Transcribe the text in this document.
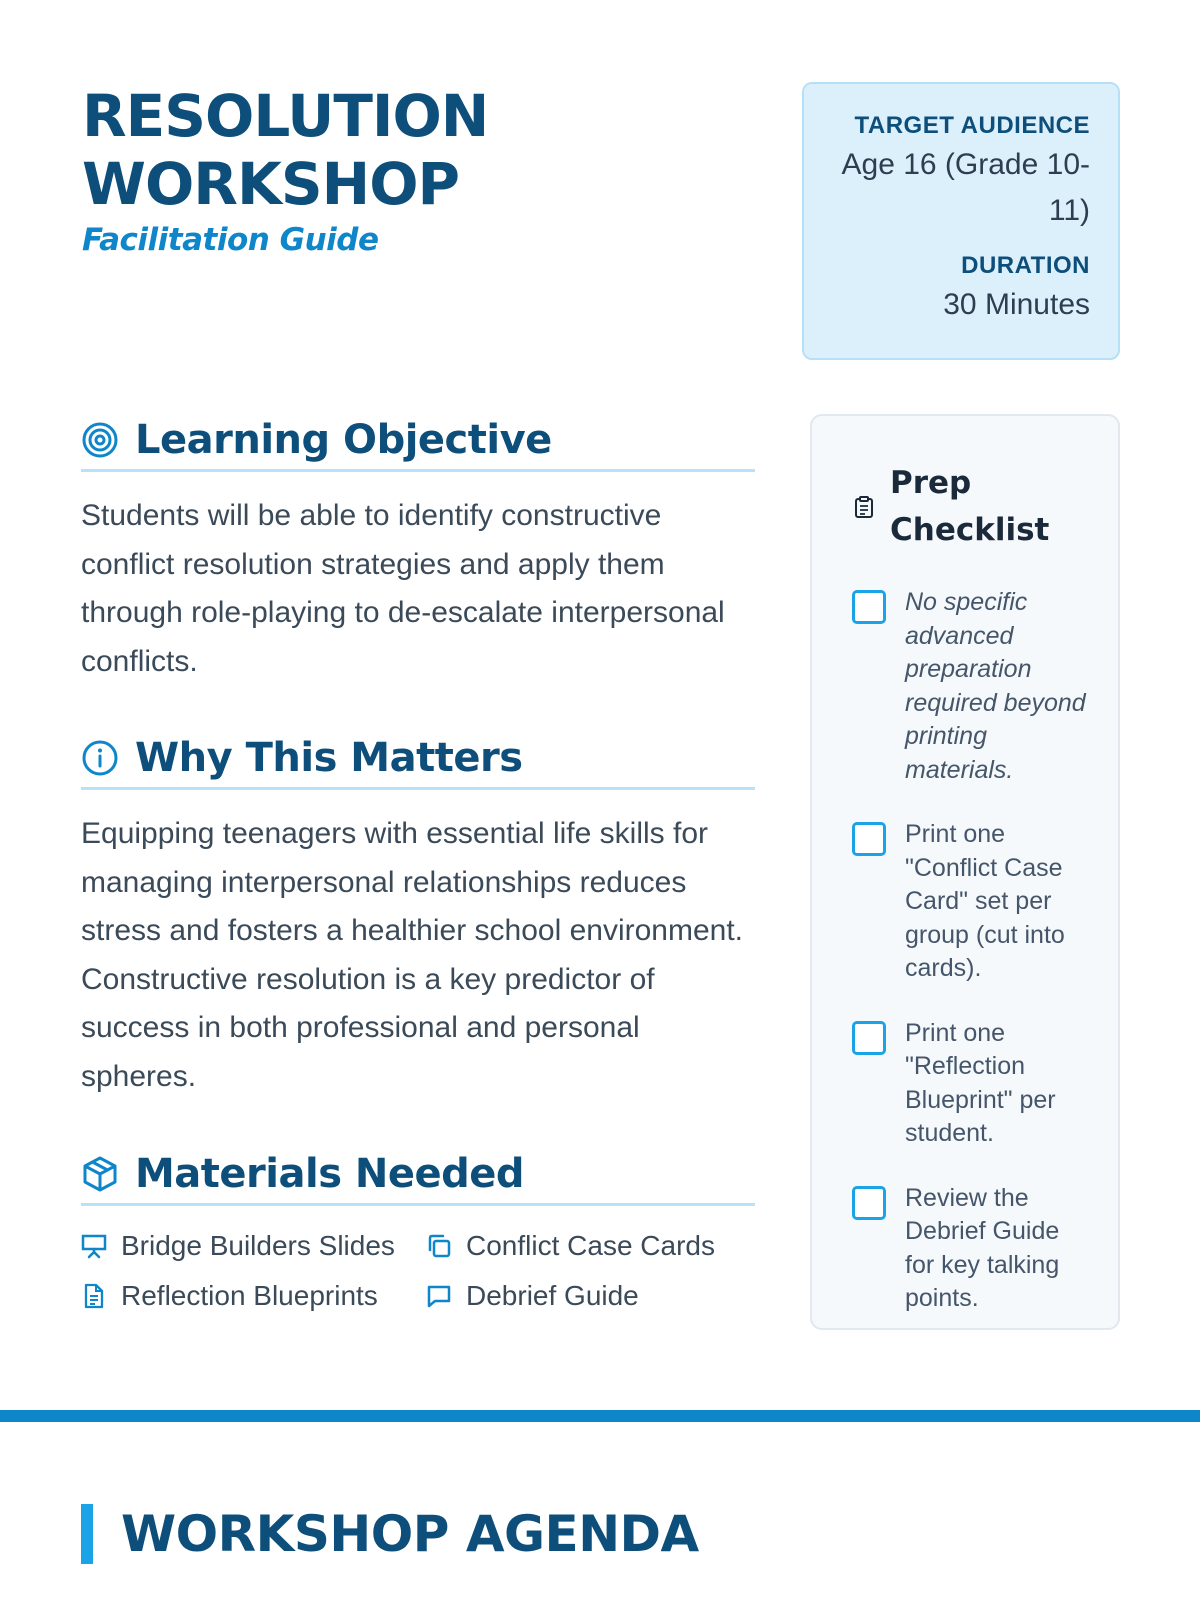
RESOLUTION
WORKSHOP
Facilitation Guide
TARGET AUDIENCE
Age 16 (Grade 10-
11)
DURATION
30 Minutes
Learning Objective

Students will be able to identify constructive conflict resolution strategies and apply them through role-playing to de-escalate interpersonal conflicts.

Why This Matters

Equipping teenagers with essential life skills for managing interpersonal relationships reduces stress and fosters a healthier school environment. Constructive resolution is a key predictor of success in both professional and personal spheres.

Materials Needed
Bridge Builders Slides	Conflict Case Cards
Reflection Blueprints	Debrief Guide
Prep
Checklist
No specific advanced preparation required beyond printing materials.
Print one "Conflict Case Card" set per group (cut into cards).
Print one "Reflection Blueprint" per student.
Review the Debrief Guide for key talking points.
WORKSHOP AGENDA
